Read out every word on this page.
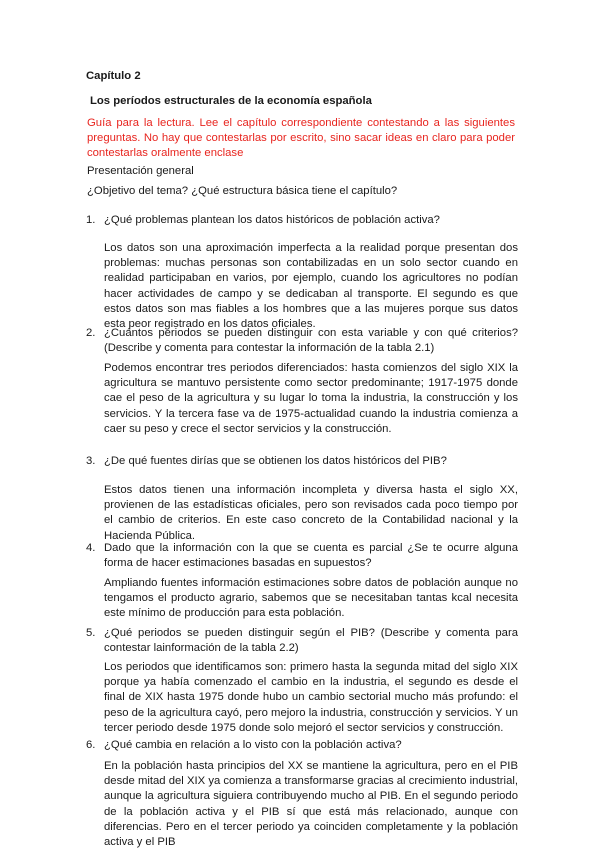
Capítulo 2
Los períodos estructurales de la economía española
Guía para la lectura. Lee el capítulo correspondiente contestando a las siguientes preguntas. No hay que contestarlas por escrito, sino sacar ideas en claro para poder contestarlas oralmente enclase
Presentación general
¿Objetivo del tema? ¿Qué estructura básica tiene el capítulo?
1. ¿Qué problemas plantean los datos históricos de población activa?
Los datos son una aproximación imperfecta a la realidad porque presentan dos problemas: muchas personas son contabilizadas en un solo sector cuando en realidad participaban en varios, por ejemplo, cuando los agricultores no podían hacer actividades de campo y se dedicaban al transporte. El segundo es que estos datos son mas fiables a los hombres que a las mujeres porque sus datos esta peor registrado en los datos oficiales.
2. ¿Cuántos periodos se pueden distinguir con esta variable y con qué criterios? (Describe y comenta para contestar la información de la tabla 2.1)
Podemos encontrar tres periodos diferenciados: hasta comienzos del siglo XIX la agricultura se mantuvo persistente como sector predominante; 1917-1975 donde cae el peso de la agricultura y su lugar lo toma la industria, la construcción y los servicios. Y la tercera fase va de 1975-actualidad cuando la industria comienza a caer su peso y crece el sector servicios y la construcción.
3. ¿De qué fuentes dirías que se obtienen los datos históricos del PIB?
Estos datos tienen una información incompleta y diversa hasta el siglo XX, provienen de las estadísticas oficiales, pero son revisados cada poco tiempo por el cambio de criterios. En este caso concreto de la Contabilidad nacional y la Hacienda Pública.
4. Dado que la información con la que se cuenta es parcial ¿Se te ocurre alguna forma de hacer estimaciones basadas en supuestos?
Ampliando fuentes información estimaciones sobre datos de población aunque no tengamos el producto agrario, sabemos que se necesitaban tantas kcal necesita este mínimo de producción para esta población.
5. ¿Qué periodos se pueden distinguir según el PIB? (Describe y comenta para contestar lainformación de la tabla 2.2)
Los periodos que identificamos son: primero hasta la segunda mitad del siglo XIX porque ya había comenzado el cambio en la industria, el segundo es desde el final de XIX hasta 1975 donde hubo un cambio sectorial mucho más profundo: el peso de la agricultura cayó, pero mejoro la industria, construcción y servicios. Y un tercer periodo desde 1975 donde solo mejoró el sector servicios y construcción.
6. ¿Qué cambia en relación a lo visto con la población activa?
En la población hasta principios del XX se mantiene la agricultura, pero en el PIB desde mitad del XIX ya comienza a transformarse gracias al crecimiento industrial, aunque la agricultura siguiera contribuyendo mucho al PIB. En el segundo periodo de la población activa y el PIB sí que está más relacionado, aunque con diferencias. Pero en el tercer periodo ya coinciden completamente y la población activa y el PIB
